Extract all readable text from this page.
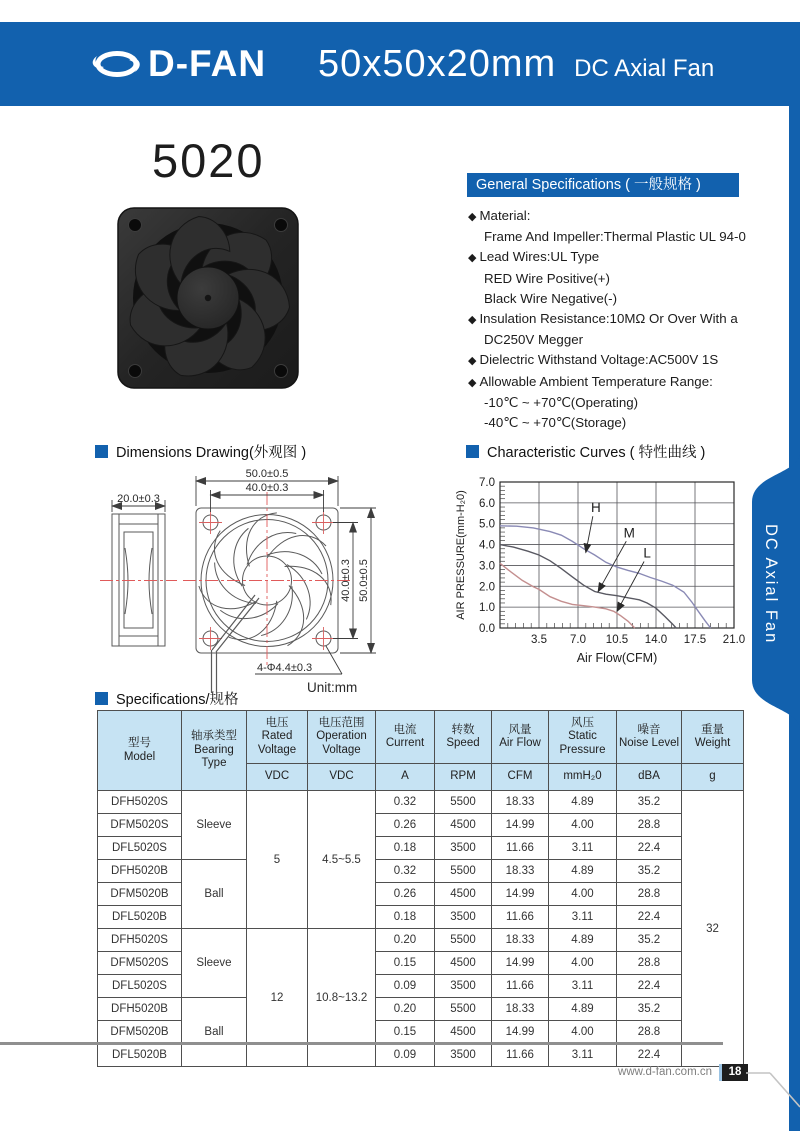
D-FAN 50x50x20mm DC Axial Fan
DC Axial Fan
5020	General Specifications ( 一般规格 )
◆ Material:
Frame And Impeller:Thermal Plastic UL 94-0
◆ Lead Wires:UL Type
RED Wire Positive(+)
Black Wire Negative(-)
◆ Insulation Resistance:10MΩ Or Over With a
DC250V Megger
◆ Dielectric Withstand Voltage:AC500V 1S
◆ Allowable Ambient Temperature Range:
-10℃ ~ +70℃(Operating)
-40℃ ~ +70℃(Storage)
Dimensions Drawing(外观图 )	Characteristic Curves ( 特性曲线 )
Specifications/规格
20.0±0.3
50.0±0.5
40.0±0.3
40.0±0.3 50.0±0.5
4-Φ4.4±0.3
Unit:mm
0.0
1.0
2.0
3.0
4.0
5.0
6.0
7.0
3.5 7.0 10.5 14.0 17.5 21.0
AIR PRESSURE(mm-H₂0)
Air Flow(CFM)
H
M
L
型号
Model

轴承类型
Bearing Type

电压
Rated Voltage

电压范围
Operation Voltage

电流
Current

转数
Speed

风量
Air Flow

风压
Static Pressure

噪音
Noise Level

重量
Weight

		VDC	VDC	A	RPM	CFM	mmH₂0	dBA	g
DFH5020S	Sleeve	5	4.5~5.5	0.32	5500	18.33	4.89	35.2	32
DFM5020S				0.26	4500	14.99	4.00	28.8	
DFL5020S				0.18	3500	11.66	3.11	22.4	
DFH5020B	Ball			0.32	5500	18.33	4.89	35.2	
DFM5020B				0.26	4500	14.99	4.00	28.8	
DFL5020B				0.18	3500	11.66	3.11	22.4	
DFH5020S	Sleeve	12	10.8~13.2	0.20	5500	18.33	4.89	35.2	
DFM5020S				0.15	4500	14.99	4.00	28.8	
DFL5020S				0.09	3500	11.66	3.11	22.4	
DFH5020B	Ball			0.20	5500	18.33	4.89	35.2	
DFM5020B				0.15	4500	14.99	4.00	28.8	
DFL5020B				0.09	3500	11.66	3.11	22.4	
www.d-fan.com.cn	18
